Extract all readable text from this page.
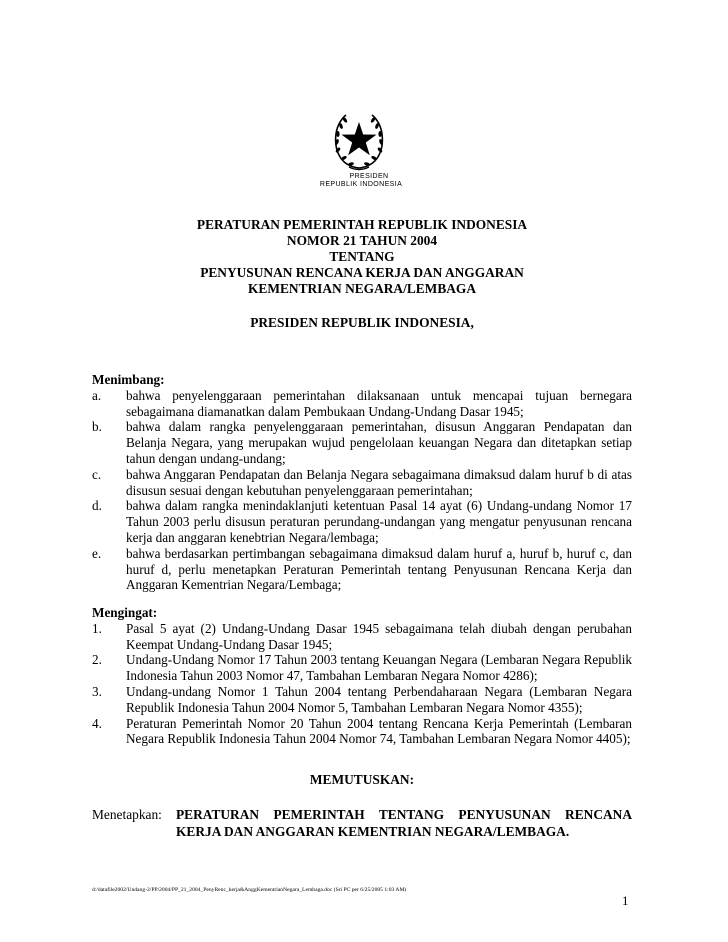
PRESIDEN
REPUBLIK INDONESIA
PERATURAN PEMERINTAH REPUBLIK INDONESIA
NOMOR 21 TAHUN 2004
TENTANG
PENYUSUNAN RENCANA KERJA DAN ANGGARAN
KEMENTRIAN NEGARA/LEMBAGA
PRESIDEN REPUBLIK INDONESIA,
Menimbang:
a. bahwa penyelenggaraan pemerintahan dilaksanaan untuk mencapai tujuan bernegara sebagaimana diamanatkan dalam Pembukaan Undang-Undang Dasar 1945;
b. bahwa dalam rangka penyelenggaraan pemerintahan, disusun Anggaran Pendapatan dan Belanja Negara, yang merupakan wujud pengelolaan keuangan Negara dan ditetapkan setiap tahun dengan undang-undang;
c. bahwa Anggaran Pendapatan dan Belanja Negara sebagaimana dimaksud dalam huruf b di atas disusun sesuai dengan kebutuhan penyelenggaraan pemerintahan;
d. bahwa dalam rangka menindaklanjuti ketentuan Pasal 14 ayat (6) Undang-undang Nomor 17 Tahun 2003 perlu disusun peraturan perundang-undangan yang mengatur penyusunan rencana kerja dan anggaran kenebtrian Negara/lembaga;
e. bahwa berdasarkan pertimbangan sebagaimana dimaksud dalam huruf a, huruf b, huruf c, dan huruf d, perlu menetapkan Peraturan Pemerintah tentang Penyusunan Rencana Kerja dan Anggaran Kementrian Negara/Lembaga;
Mengingat:
1. Pasal 5 ayat (2) Undang-Undang Dasar 1945 sebagaimana telah diubah dengan perubahan Keempat Undang-Undang Dasar 1945;
2. Undang-Undang Nomor 17 Tahun 2003 tentang Keuangan Negara (Lembaran Negara Republik Indonesia Tahun 2003 Nomor 47, Tambahan Lembaran Negara Nomor 4286);
3. Undang-undang Nomor 1 Tahun 2004 tentang Perbendaharaan Negara (Lembaran Negara Republik Indonesia Tahun 2004 Nomor 5, Tambahan Lembaran Negara Nomor 4355);
4. Peraturan Pemerintah Nomor 20 Tahun 2004 tentang Rencana Kerja Pemerintah (Lembaran Negara Republik Indonesia Tahun 2004 Nomor 74, Tambahan Lembaran Negara Nomor 4405);
MEMUTUSKAN:
Menetapkan: PERATURAN PEMERINTAH TENTANG PENYUSUNAN RENCANA
KERJA DAN ANGGARAN KEMENTRIAN NEGARA/LEMBAGA.
d:/datafile2002/Undang-2/PP/2004/PP_21_2004_PenyRenc_kerja&AnggKementrianNegara_Lembaga.doc (Sri PC per 6/25/2005 1:03 AM)
1
